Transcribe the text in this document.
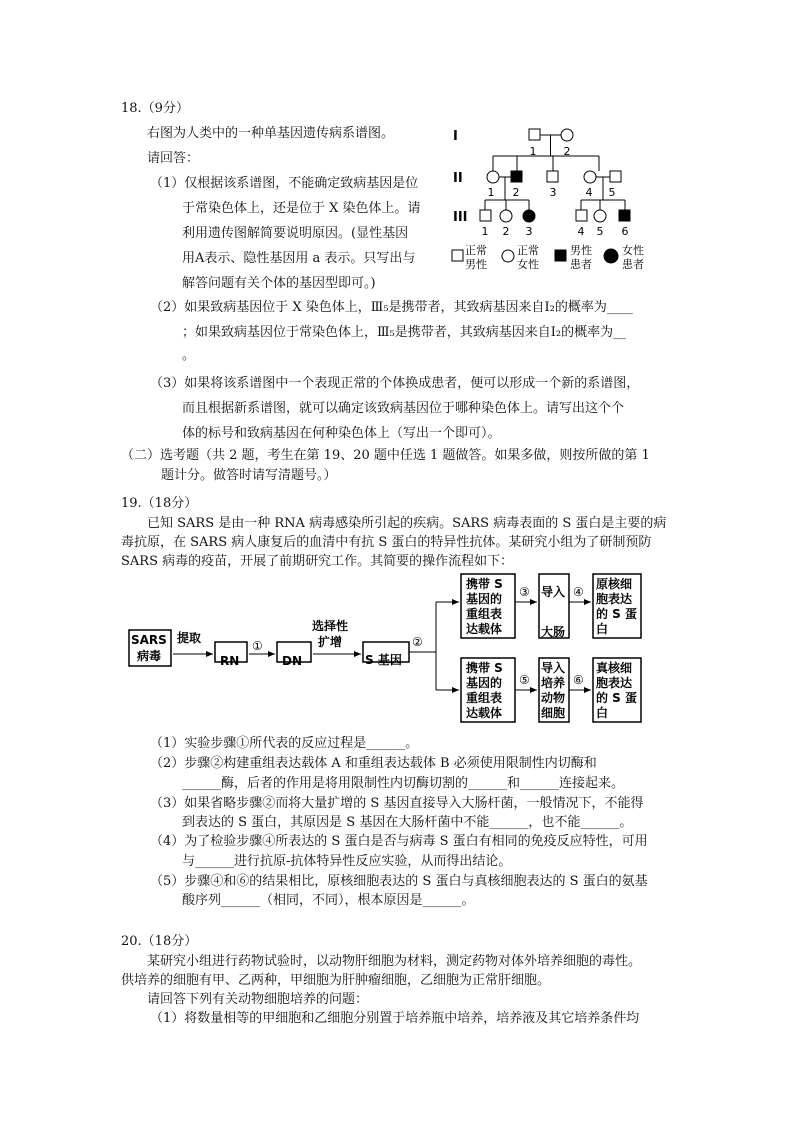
18.（9分）
右图为人类中的一种单基因遗传病系谱图。
请回答：
（1）仅根据该系谱图，不能确定致病基因是位
于常染色体上，还是位于 X 染色体上。请
利用遗传图解简要说明原因。(显性基因
用A表示、隐性基因用 a 表示。只写出与
解答问题有关个体的基因型即可。)
（2）如果致病基因位于 X 染色体上，Ⅲ₅是携带者，其致病基因来自Ⅰ₂的概率为____
；如果致病基因位于常染色体上，Ⅲ₅是携带者，其致病基因来自Ⅰ₂的概率为__
。
（3）如果将该系谱图中一个表现正常的个体换成患者，便可以形成一个新的系谱图，
而且根据新系谱图，就可以确定该致病基因位于哪种染色体上。请写出这个个
体的标号和致病基因在何种染色体上（写出一个即可）。
I
II
III
1 2
1 2	3	4 5
1 2 3	4 5 6
正常
男性
正常
女性
男性
患者
女性
患者
（二）选考题（共 2 题，考生在第 19、20 题中任选 1 题做答。如果多做，则按所做的第 1
题计分。做答时请写清题号。）
19.（18分）
已知 SARS 是由一种 RNA 病毒感染所引起的疾病。SARS 病毒表面的 S 蛋白是主要的病
毒抗原，在 SARS 病人康复后的血清中有抗 S 蛋白的特异性抗体。某研究小组为了研制预防
SARS 病毒的疫苗，开展了前期研究工作。其简要的操作流程如下：
SARS
病毒
提取
RN
①
DN
选择性
扩增
S 基因
②
携带 S
基因的
重组表
达载体
③ 导入
大肠
④
原核细
胞表达
的 S 蛋
白
携带 S
基因的
重组表
达载体
⑤
导入
培养
动物
细胞
⑥
真核细
胞表达
的 S 蛋
白
（1）实验步骤①所代表的反应过程是______。
（2）步骤②构建重组表达载体 A 和重组表达载体 B 必须使用限制性内切酶和
______酶，后者的作用是将用限制性内切酶切割的______和______连接起来。
（3）如果省略步骤②而将大量扩增的 S 基因直接导入大肠杆菌，一般情况下，不能得
到表达的 S 蛋白，其原因是 S 基因在大肠杆菌中不能______，也不能______。
（4）为了检验步骤④所表达的 S 蛋白是否与病毒 S 蛋白有相同的免疫反应特性，可用
与______进行抗原-抗体特异性反应实验，从而得出结论。
（5）步骤④和⑥的结果相比，原核细胞表达的 S 蛋白与真核细胞表达的 S 蛋白的氨基
酸序列______（相同，不同），根本原因是______。
20.（18分）
某研究小组进行药物试验时，以动物肝细胞为材料，测定药物对体外培养细胞的毒性。
供培养的细胞有甲、乙两种，甲细胞为肝肿瘤细胞，乙细胞为正常肝细胞。
请回答下列有关动物细胞培养的问题：
（1）将数量相等的甲细胞和乙细胞分别置于培养瓶中培养，培养液及其它培养条件均
